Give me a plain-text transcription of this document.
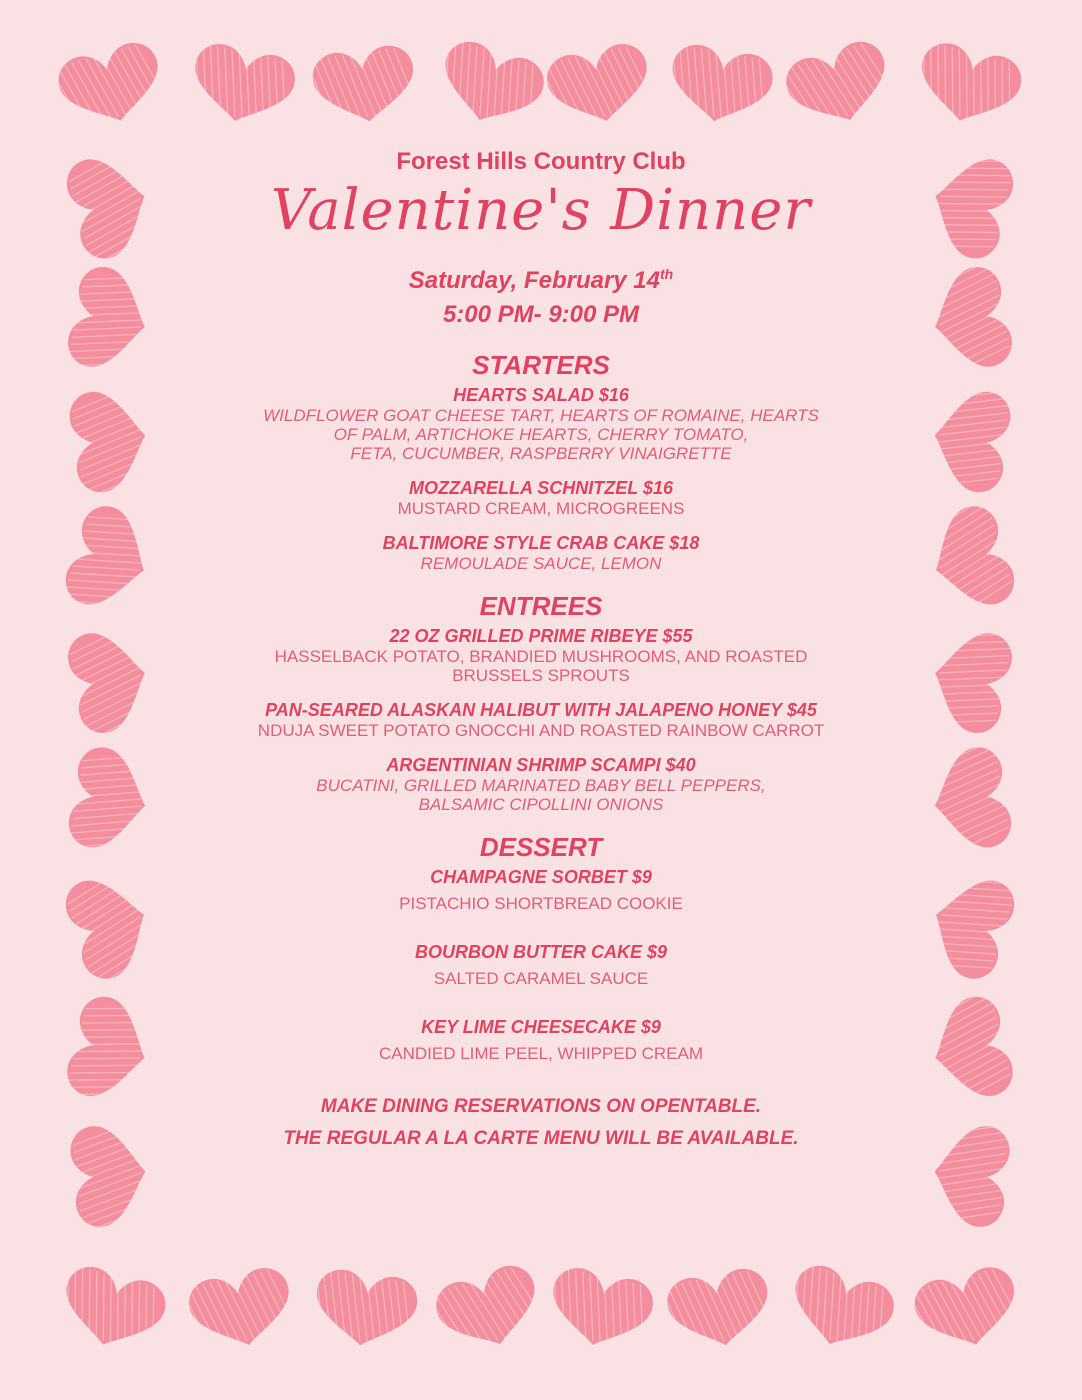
Forest Hills Country Club

Valentine's Dinner

Saturday, February 14th

5:00 PM- 9:00 PM

STARTERS

HEARTS SALAD $16

WILDFLOWER GOAT CHEESE TART, HEARTS OF ROMAINE, HEARTS
OF PALM, ARTICHOKE HEARTS, CHERRY TOMATO,
FETA, CUCUMBER, RASPBERRY VINAIGRETTE

MOZZARELLA SCHNITZEL $16

MUSTARD CREAM, MICROGREENS

BALTIMORE STYLE CRAB CAKE $18

REMOULADE SAUCE, LEMON

ENTREES

22 OZ GRILLED PRIME RIBEYE $55

HASSELBACK POTATO, BRANDIED MUSHROOMS, AND ROASTED
BRUSSELS SPROUTS

PAN-SEARED ALASKAN HALIBUT WITH JALAPENO HONEY $45

NDUJA SWEET POTATO GNOCCHI AND ROASTED RAINBOW CARROT

ARGENTINIAN SHRIMP SCAMPI $40

BUCATINI, GRILLED MARINATED BABY BELL PEPPERS,
BALSAMIC CIPOLLINI ONIONS

DESSERT

CHAMPAGNE SORBET $9

PISTACHIO SHORTBREAD COOKIE

BOURBON BUTTER CAKE $9

SALTED CARAMEL SAUCE

KEY LIME CHEESECAKE $9

CANDIED LIME PEEL, WHIPPED CREAM

MAKE DINING RESERVATIONS ON OPENTABLE.

THE REGULAR A LA CARTE MENU WILL BE AVAILABLE.
